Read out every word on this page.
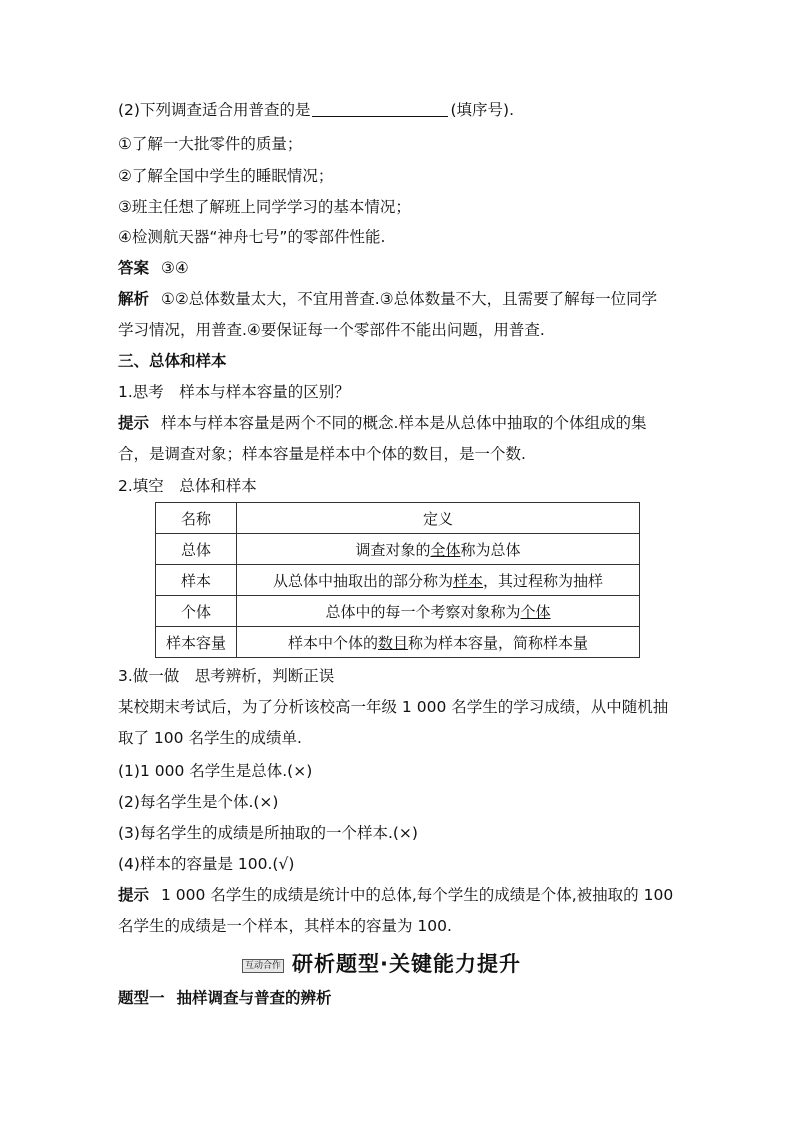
(2)下列调查适合用普查的是	(填序号).
①了解一大批零件的质量；
②了解全国中学生的睡眠情况；
③班主任想了解班上同学学习的基本情况；
④检测航天器“神舟七号”的零部件性能.
答案 ③④
解析 ①②总体数量太大，不宜用普查.③总体数量不大，且需要了解每一位同学
学习情况，用普查.④要保证每一个零部件不能出问题，用普查.
三、总体和样本
1.思考　样本与样本容量的区别？
提示 样本与样本容量是两个不同的概念.样本是从总体中抽取的个体组成的集
合，是调查对象；样本容量是样本中个体的数目，是一个数.
2.填空　总体和样本
名称	定义
总体	调查对象的全体称为总体
样本	从总体中抽取出的部分称为样本，其过程称为抽样
个体	总体中的每一个考察对象称为个体
样本容量	样本中个体的数目称为样本容量，简称样本量
3.做一做　思考辨析，判断正误
某校期末考试后，为了分析该校高一年级 1 000 名学生的学习成绩，从中随机抽
取了 100 名学生的成绩单.
(1)1 000 名学生是总体.(×)
(2)每名学生是个体.(×)
(3)每名学生的成绩是所抽取的一个样本.(×)
(4)样本的容量是 100.(√)
提示 1 000 名学生的成绩是统计中的总体,每个学生的成绩是个体,被抽取的 100
名学生的成绩是一个样本，其样本的容量为 100.
互动合作 研析题型·关键能力提升
题型一 抽样调查与普查的辨析
